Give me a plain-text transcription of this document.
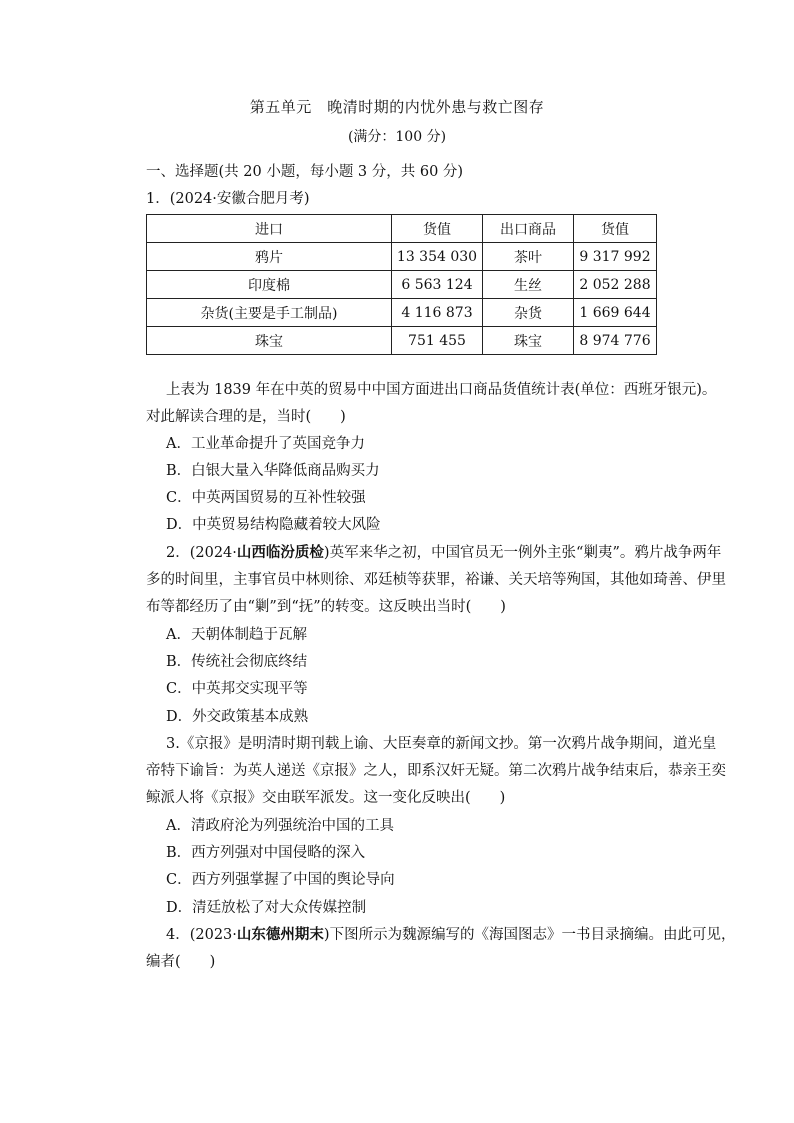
第五单元　晚清时期的内忧外患与救亡图存
(满分：100 分)
一、选择题(共 20 小题，每小题 3 分，共 60 分)
1．(2024·安徽合肥月考)
进口	货值	出口商品	货值
鸦片	13 354 030	茶叶	9 317 992
印度棉	6 563 124	生丝	2 052 288
杂货(主要是手工制品)	4 116 873	杂货	1 669 644
珠宝	751 455	珠宝	8 974 776
上表为 1839 年在中英的贸易中中国方面进出口商品货值统计表(单位：西班牙银元)。
对此解读合理的是，当时(　　)
A．工业革命提升了英国竞争力
B．白银大量入华降低商品购买力
C．中英两国贸易的互补性较强
D．中英贸易结构隐藏着较大风险
2．(2024·山西临汾质检)英军来华之初，中国官员无一例外主张“剿夷”。鸦片战争两年
多的时间里，主事官员中林则徐、邓廷桢等获罪，裕谦、关天培等殉国，其他如琦善、伊里
布等都经历了由“剿”到“抚”的转变。这反映出当时(　　)
A．天朝体制趋于瓦解
B．传统社会彻底终结
C．中英邦交实现平等
D．外交政策基本成熟
3.《京报》是明清时期刊载上谕、大臣奏章的新闻文抄。第一次鸦片战争期间，道光皇
帝特下谕旨：为英人递送《京报》之人，即系汉奸无疑。第二次鸦片战争结束后，恭亲王奕
鲸派人将《京报》交由联军派发。这一变化反映出(　　)
A．清政府沦为列强统治中国的工具
B．西方列强对中国侵略的深入
C．西方列强掌握了中国的舆论导向
D．清廷放松了对大众传媒控制
4．(2023·山东德州期末)下图所示为魏源编写的《海国图志》一书目录摘编。由此可见，
编者(　　)
